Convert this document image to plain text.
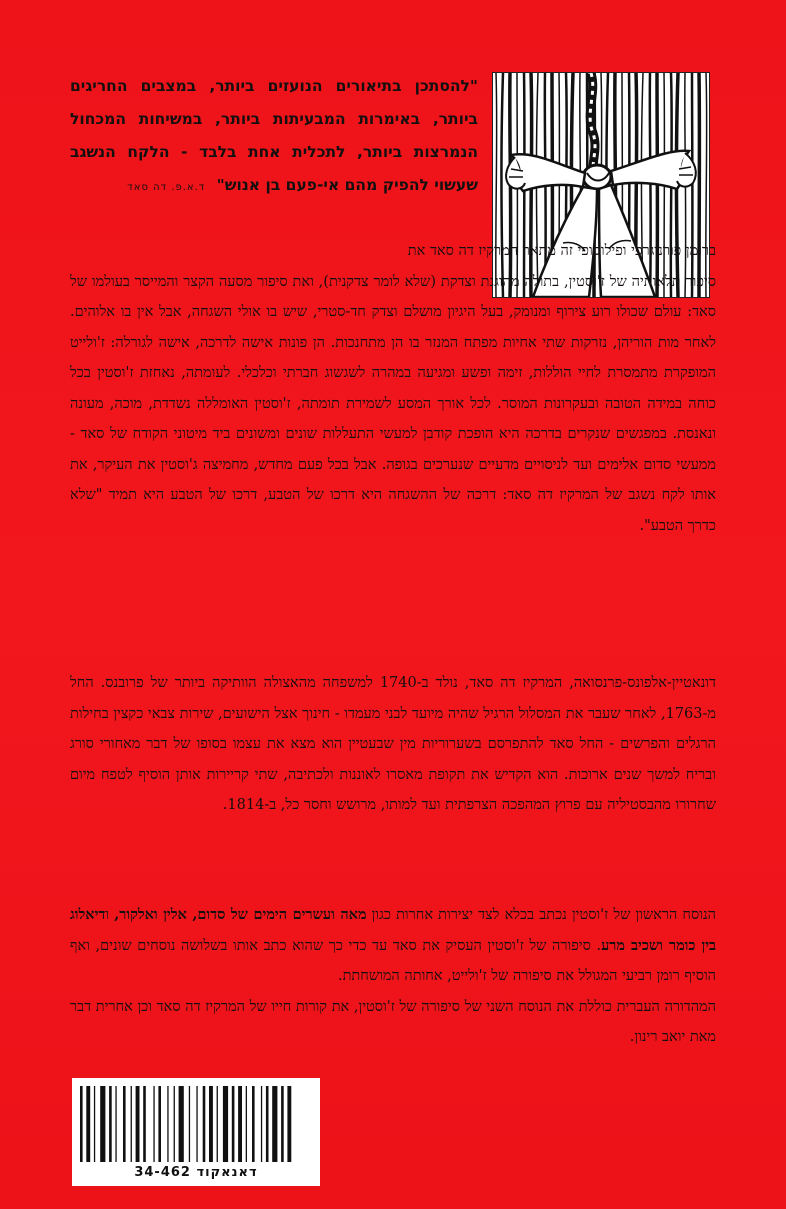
"להסתכן בתיאורים הנועזים ביותר, במצבים החריגים ביותר, באימרות המבעיתות ביותר, במשיחות המכחול הנמרצות ביותר, לתכלית אחת בלבד - הלקח הנשגב שעשוי להפיק מהם אי-פעם בן אנוש" ד.א.פ. דה סאד

ברומן פורנוגרפי ופילוסופי זה מתאר המרקיז דה סאד את
סיפור תלאותיה של ז'וסטין, בתולה מהוגנת וצדקת (שלא לומר צדקנית), ואת סיפור מסעה הקצר והמייסר בעולמו של סאד: עולם שכולו רוע צירוף ומנומק, בעל היגיון מושלם וצדק חד-סטרי, שיש בו אולי השגחה, אבל אין בו אלוהים. לאחר מות הוריהן, נזרקות שתי אחיות מפתח המנזר בו הן מתחנכות. הן פונות אישה לדרכה, אישה לגורלה: ז'ולייט המופקרת מתמסרת לחיי הוללות, זימה ופשע ומגיעה במהרה לשגשוג חברתי וכלכלי. לעומתה, נאחזת ז'וסטין בכל כוחה במידה הטובה ובעקרונות המוסר. לכל אורך המסע לשמירת תומתה, ז'וסטין האומללה נשדדת, מוכה, מעונה ונאנסת. במפגשים שנקרים בדרכה היא הופכת קודבן למעשי התעללות שונים ומשונים ביד מיטוני הקודח של סאד - ממעשי סדום אלימים ועד לניסויים מדעיים שנערכים בגופה. אבל בכל פעם מחדש, מחמיצה ג'וסטין את העיקר, את אותו לקח נשגב של המרקיז דה סאד: דרכה של ההשגחה היא דרכו של הטבע, דרכו של הטבע היא תמיד "שלא כדרך הטבע".

דונאטיין-אלפונס-פרנסואה, המרקיז דה סאד, נולד ב-1740 למשפחה מהאצולה הוותיקה ביותר של פרובנס. החל מ-1763, לאחר שעבר את המסלול הרגיל שהיה מיועד לבני מעמדו - חינוך אצל הישועים, שירות צבאי כקצין בחילות הרגלים והפרשים - החל סאד להתפרסם בשערוריות מין שבעטיין הוא מצא את עצמו בסופו של דבר מאחורי סורג ובריח למשך שנים ארוכות. הוא הקדיש את תקופת מאסרו לאוננות ולכתיבה, שתי קריירות אותן הוסיף לטפח מיום שחרורו מהבסטיליה עם פרוץ המהפכה הצרפתית ועד למותו, מרושש וחסר כל, ב-1814.

הנוסח הראשון של ז'וסטין נכתב בכלא לצד יצירות אחרות כגון מאה ועשרים הימים של סדום, אלין ואלקור, ודיאלוג בין כומר ושכיב מרע. סיפורה של ז'וסטין העסיק את סאד עד כדי כך שהוא כתב אותו בשלושה נוסחים שונים, ואף הוסיף רומן רביעי המגולל את סיפורה של ז'ולייט, אחותה המושחתת.

המהדורה העברית כוללת את הנוסח השני של סיפורה של ז'וסטין, את קורות חייו של המרקיז דה סאד וכן אחרית דבר מאת יואב רינון.

דאנאקוד 34-462
